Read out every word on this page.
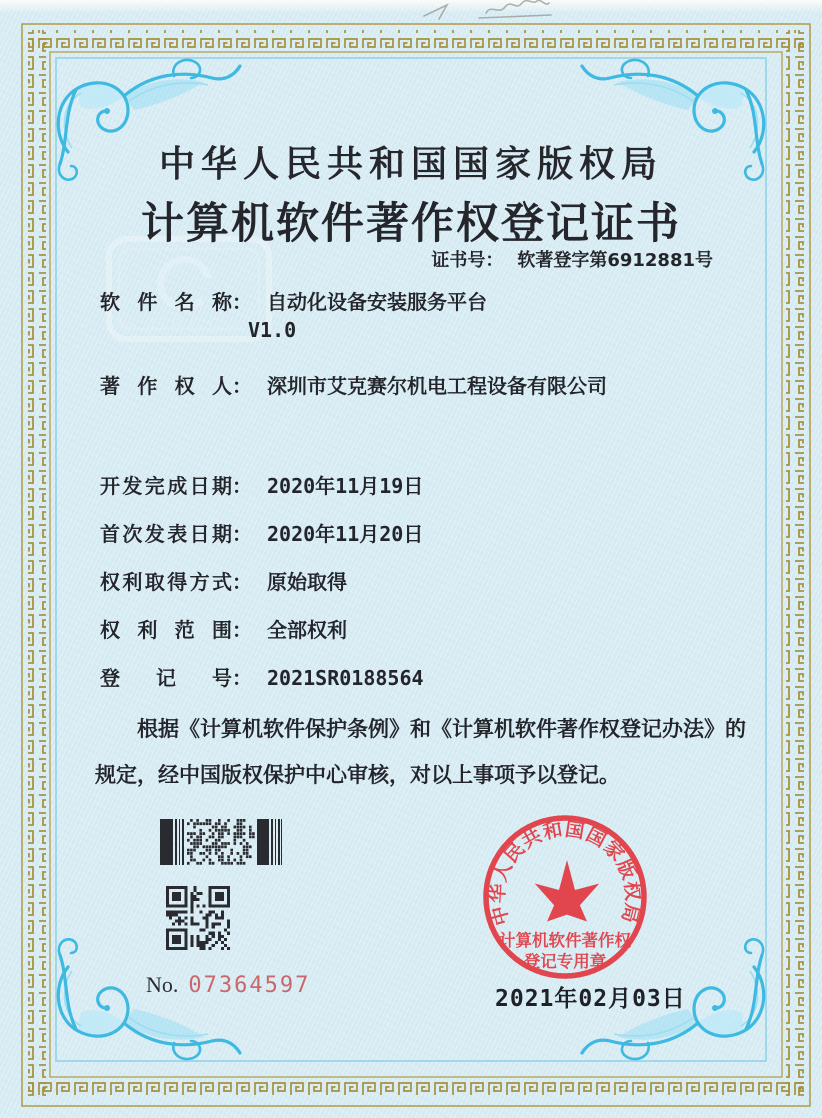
CPCC
中华人民共和国国家版权局
计算机软件著作权登记证书
证书号： 软著登字第6912881号
软件名称： 自动化设备安装服务平台
V1.0
著作权人： 深圳市艾克赛尔机电工程设备有限公司
开发完成日期： 2020年11月19日
首次发表日期： 2020年11月20日
权利取得方式： 原始取得
权利范围： 全部权利
登记号： 2021SR0188564
根据《计算机软件保护条例》和《计算机软件著作权登记办法》的
规定，经中国版权保护中心审核，对以上事项予以登记。
No. 07364597
中华人民共和国国家版权局
计算机软件著作权
登记专用章
2021年02月03日
